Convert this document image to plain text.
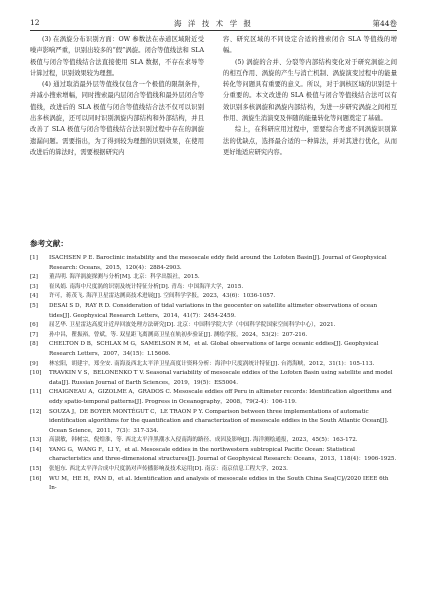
12	海 洋 技 术 学 报	第44卷

(3) 在涡旋分布识别方面：OW 参数法在赤道区域附近受噪声影响严重，识别出较多的“假”涡旋。闭合等值线法和 SLA 极值与闭合等值线结合法直接使用 SLA 数据，不存在求导等计算过程，识别效果较为理想。

(4) 通过取消最外层等值线仅包含一个极值的限制条件，并减小搜索增幅，同时搜索最内层闭合等值线和最外层闭合等值线，改进后的 SLA 极值与闭合等值线结合法不仅可以识别出多核涡旋，还可以同时识别涡旋内部结构和外部结构，并且改善了 SLA 极值与闭合等值线结合法识别过程中存在的涡旋遗漏问题。需要指出，为了得到较为理想的识别效果，在使用改进后的算法时，需要根据研究内

容、研究区域的不同设定合适的搜索闭合 SLA 等值线的增幅。

(5) 涡旋的合并、分裂等内部结构变化对于研究涡旋之间的相互作用、涡旋的产生与消亡机制、涡旋演变过程中的能量转化等问题具有重要的意义。所以，对于涡核区域的识别是十分重要的。本文改进的 SLA 极值与闭合等值线结合法可以有效识别多核涡旋和涡旋内部结构，为进一步研究涡旋之间相互作用、涡旋生消演变及伴随的能量转化等问题奠定了基础。

综上，在科研应用过程中，需要综合考虑不同涡旋识别算法的优缺点，选择最合适的一种算法，并对其进行优化，从而更好地适应研究内容。

参考文献：
[1] ISACHSEN P E. Baroclinic instability and the mesoscale eddy field around the Lofoten Basin[J]. Journal of Geophysical Research: Oceans，2015，120(4)：2884-2903.
[2] 董昌明. 海洋涡旋探测与分析[M]. 北京：科学出版社，2015.
[3] 崔凤娟. 南海中尺度涡的识别及统计特征分析[D]. 青岛：中国海洋大学，2015.
[4] 许可，蒋茂飞. 海洋卫星雷达测高技术进展[J]. 空间科学学报，2023，43(6)：1036-1057.
[5] DESAI S D，RAY R D. Consideration of tidal variations in the geocenter on satellite altimeter observations of ocean tides[J]. Geophysical Research Letters，2014，41(7)：2454-2459.
[6] 屈艺华. 卫星雷达高度计近岸回波处理方法研究[D]. 北京：中国科学院大学（中国科学院国家空间科学中心），2021.
[7] 孙中昌，瞿振裕，曾斌，等. 双星距飞离测高卫星在轨初步验证[J]. 测绘学报，2024，53(2)：207-216.
[8] CHELTON D B，SCHLAX M G，SAMELSON R M，et al. Global observations of large oceanic eddies[J]. Geophysical Research Letters，2007，34(15)：L15606.
[9] 林宏阳，胡建宇，郑全安. 南海及西北太平洋卫星高度计资料分析：海洋中尺度涡统计特征[J]. 台湾海峡，2012，31(1)：105-113.
[10] TRAVKIN V S，BELONENKO T V. Seasonal variability of mesoscale eddies of the Lofoten Basin using satellite and model data[J]. Russian Journal of Earth Sciences，2019，19(5)：ES5004.
[11] CHAIGNEAU A，GIZOLME A，GRADOS C. Mesoscale eddies off Peru in altimeter records: Identification algorithms and eddy spatio-temporal patterns[J]. Progress in Oceanography，2008，79(2-4)：106-119.
[12] SOUZA J，DE BOYER MONTÉGUT C，LE TRAON P Y. Comparison between three implementations of automatic identification algorithms for the quantification and characterization of mesoscale eddies in the South Atlantic Ocean[J]. Ocean Science，2011，7(3)：317-334.
[13] 高淑敏，韩树宗，倪煌淮，等. 西北太平洋黑潮水入侵南海的路径、成因及影响[J]. 海洋测绘通报，2023，45(5)：163-172.
[14] YANG G，WANG F，LI Y，et al. Mesoscale eddies in the northwestern subtropical Pacific Ocean: Statistical characteristics and three-dimensional structures[J]. Journal of Geophysical Research: Oceans，2013，118(4)：1906-1925.
[15] 张旭东. 西北太平洋合成中尺度涡对声传播影响及技术运用[D]. 南京：南京信息工程大学，2023.
[16] WU M，HE H，FAN D，et al. Identification and analysis of mesoscale eddies in the South China Sea[C]//2020 IEEE 6th In-
